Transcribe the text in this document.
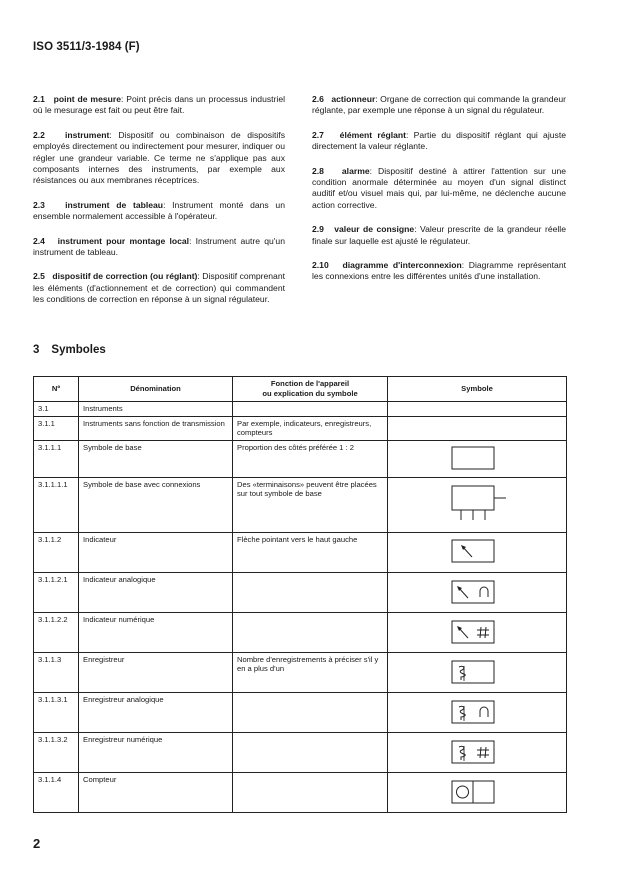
ISO 3511/3-1984 (F)

2.1 point de mesure: Point précis dans un processus industriel où le mesurage est fait ou peut être fait.

2.2 instrument: Dispositif ou combinaison de dispositifs employés directement ou indirectement pour mesurer, indiquer ou régler une grandeur variable. Ce terme ne s'applique pas aux composants internes des instruments, par exemple aux résistances ou aux membranes réceptrices.

2.3 instrument de tableau: Instrument monté dans un ensemble normalement accessible à l'opérateur.

2.4 instrument pour montage local: Instrument autre qu'un instrument de tableau.

2.5 dispositif de correction (ou réglant): Dispositif comprenant les éléments (d'actionnement et de correction) qui commandent les conditions de correction en réponse à un signal régulateur.

2.6 actionneur: Organe de correction qui commande la grandeur réglante, par exemple une réponse à un signal du régulateur.

2.7 élément réglant: Partie du dispositif réglant qui ajuste directement la valeur réglante.

2.8 alarme: Dispositif destiné à attirer l'attention sur une condition anormale déterminée au moyen d'un signal distinct auditif et/ou visuel mais qui, par lui-même, ne déclenche aucune action corrective.

2.9 valeur de consigne: Valeur prescrite de la grandeur réelle finale sur laquelle est ajusté le régulateur.

2.10 diagramme d'interconnexion: Diagramme représentant les connexions entre les différentes unités d'une installation.

3 Symboles
Nº	Dénomination	Fonction de l'appareil
ou explication du symbole	Symbole
3.1	Instruments		
3.1.1	Instruments sans fonction de transmission	Par exemple, indicateurs, enregistreurs, compteurs	
3.1.1.1	Symbole de base	Proportion des côtés préférée 1 : 2	

3.1.1.1.1	Symbole de base avec connexions	Des «terminaisons» peuvent être placées sur tout symbole de base	

3.1.1.2	Indicateur	Flèche pointant vers le haut gauche	

3.1.1.2.1	Indicateur analogique		

3.1.1.2.2	Indicateur numérique		

3.1.1.3	Enregistreur	Nombre d'enregistrements à préciser s'il y en a plus d'un	

3.1.1.3.1	Enregistreur analogique		

3.1.1.3.2	Enregistreur numérique		

3.1.1.4	Compteur		
2
